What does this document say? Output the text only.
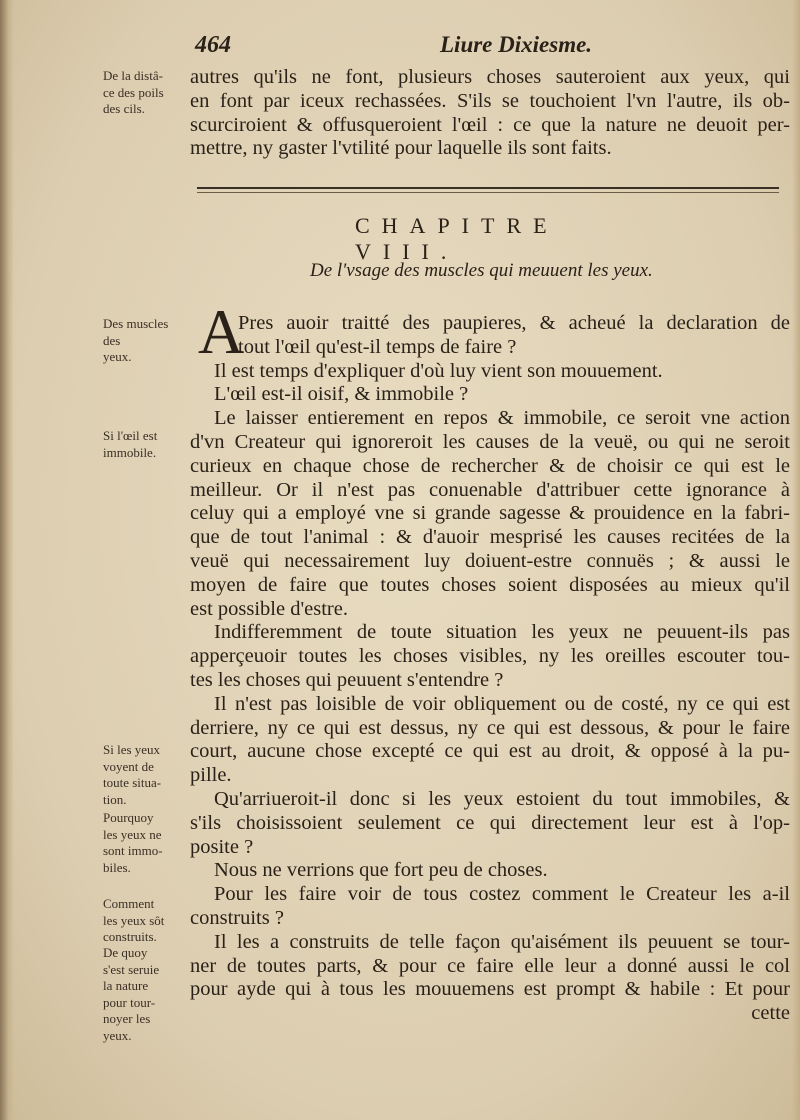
464	Liure Dixiesme.
De la distâ-
ce des poils
des cils.
autres qu'ils ne font, plusieurs choses sauteroient aux yeux, qui
en font par iceux rechassées. S'ils se touchoient l'vn l'autre, ils ob-
scurciroient & offusqueroient l'œil : ce que la nature ne deuoit per-
mettre, ny gaster l'vtilité pour laquelle ils sont faits.
CHAPITRE VIII.
De l'vsage des muscles qui meuuent les yeux.
A
Des muscles des
yeux.
Si l'œil est
immobile.
Si les yeux
voyent de
toute situa-
tion.
Pourquoy
les yeux ne
sont immo-
biles.
Comment
les yeux sôt
construits.
De quoy
s'est seruie
la nature
pour tour-
noyer les
yeux.
Pres auoir traitté des paupieres, & acheué la declaration de
tout l'œil qu'est-il temps de faire ?
Il est temps d'expliquer d'où luy vient son mouuement.
L'œil est-il oisif, & immobile ?
Le laisser entierement en repos & immobile, ce seroit vne action
d'vn Createur qui ignoreroit les causes de la veuë, ou qui ne seroit
curieux en chaque chose de rechercher & de choisir ce qui est le
meilleur. Or il n'est pas conuenable d'attribuer cette ignorance à
celuy qui a employé vne si grande sagesse & prouidence en la fabri-
que de tout l'animal : & d'auoir mesprisé les causes recitées de la
veuë qui necessairement luy doiuent-estre connuës ; & aussi le
moyen de faire que toutes choses soient disposées au mieux qu'il
est possible d'estre.
Indifferemment de toute situation les yeux ne peuuent-ils pas
apperçeuoir toutes les choses visibles, ny les oreilles escouter tou-
tes les choses qui peuuent s'entendre ?
Il n'est pas loisible de voir obliquement ou de costé, ny ce qui est
derriere, ny ce qui est dessus, ny ce qui est dessous, & pour le faire
court, aucune chose excepté ce qui est au droit, & opposé à la pu-
pille.
Qu'arriueroit-il donc si les yeux estoient du tout immobiles, &
s'ils choisissoient seulement ce qui directement leur est à l'op-
posite ?
Nous ne verrions que fort peu de choses.
Pour les faire voir de tous costez comment le Createur les a-il
construits ?
Il les a construits de telle façon qu'aisément ils peuuent se tour-
ner de toutes parts, & pour ce faire elle leur a donné aussi le col
pour ayde qui à tous les mouuemens est prompt & habile : Et pour
cette
